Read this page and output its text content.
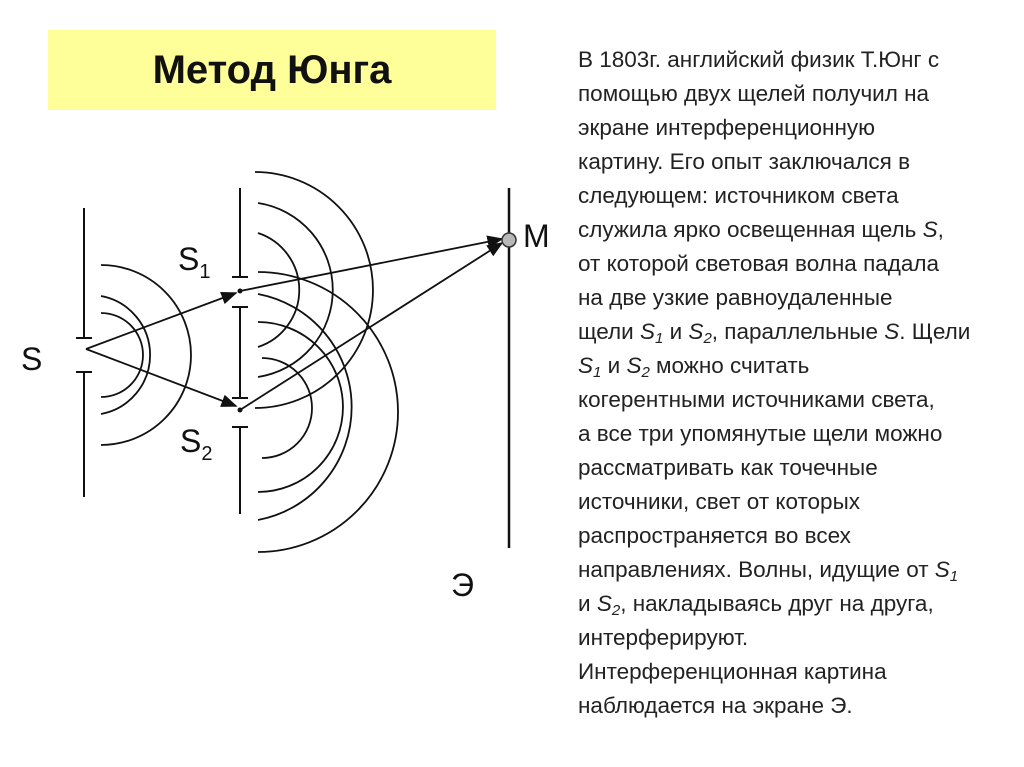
Метод Юнга
S
$S_1$
$S_2$
M
Э

В 1803г. английский физик Т.Юнг с

помощью двух щелей получил на

экране интерференционную

картину. Его опыт заключался в

следующем: источником света

служила ярко освещенная щель S,

от которой световая волна падала

на две узкие равноудаленные

щели $S_1$ и $S_2$, параллельные S. Щели

$S_1$ и $S_2$ можно считать

когерентными источниками света,

а все три упомянутые щели можно

рассматривать как точечные

источники, свет от которых

распространяется во всех

направлениях. Волны, идущие от $S_1$

и $S_2$, накладываясь друг на друга,

интерферируют.

Интерференционная картина

наблюдается на экране Э.
